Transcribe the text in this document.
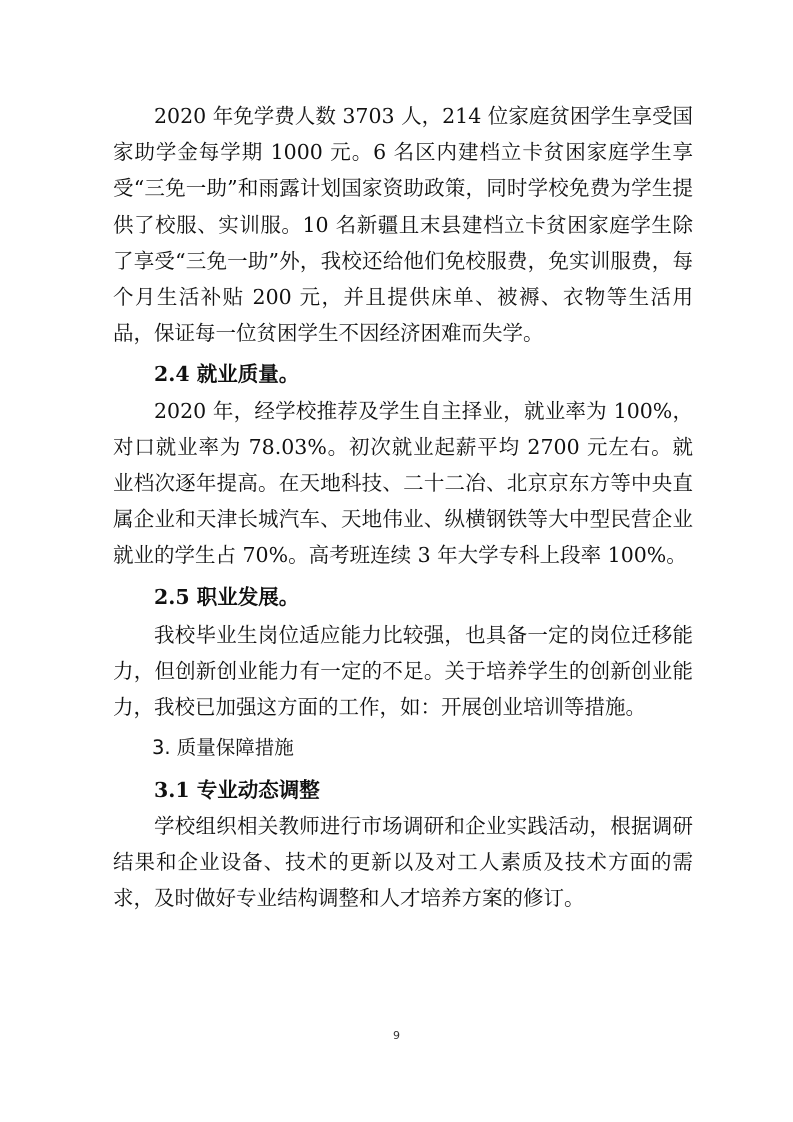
2020 年免学费人数 3703 人，214 位家庭贫困学生享受国家助学金每学期 1000 元。6 名区内建档立卡贫困家庭学生享受“三免一助”和雨露计划国家资助政策，同时学校免费为学生提供了校服、实训服。10 名新疆且末县建档立卡贫困家庭学生除了享受“三免一助”外，我校还给他们免校服费，免实训服费，每个月生活补贴 200 元，并且提供床单、被褥、衣物等生活用品，保证每一位贫困学生不因经济困难而失学。

2.4 就业质量。

2020 年，经学校推荐及学生自主择业，就业率为 100%，对口就业率为 78.03%。初次就业起薪平均 2700 元左右。就业档次逐年提高。在天地科技、二十二冶、北京京东方等中央直属企业和天津长城汽车、天地伟业、纵横钢铁等大中型民营企业就业的学生占 70%。高考班连续 3 年大学专科上段率 100%。

2.5 职业发展。

我校毕业生岗位适应能力比较强，也具备一定的岗位迁移能力，但创新创业能力有一定的不足。关于培养学生的创新创业能力，我校已加强这方面的工作，如：开展创业培训等措施。

3. 质量保障措施

3.1 专业动态调整

学校组织相关教师进行市场调研和企业实践活动，根据调研结果和企业设备、技术的更新以及对工人素质及技术方面的需求，及时做好专业结构调整和人才培养方案的修订。

9
